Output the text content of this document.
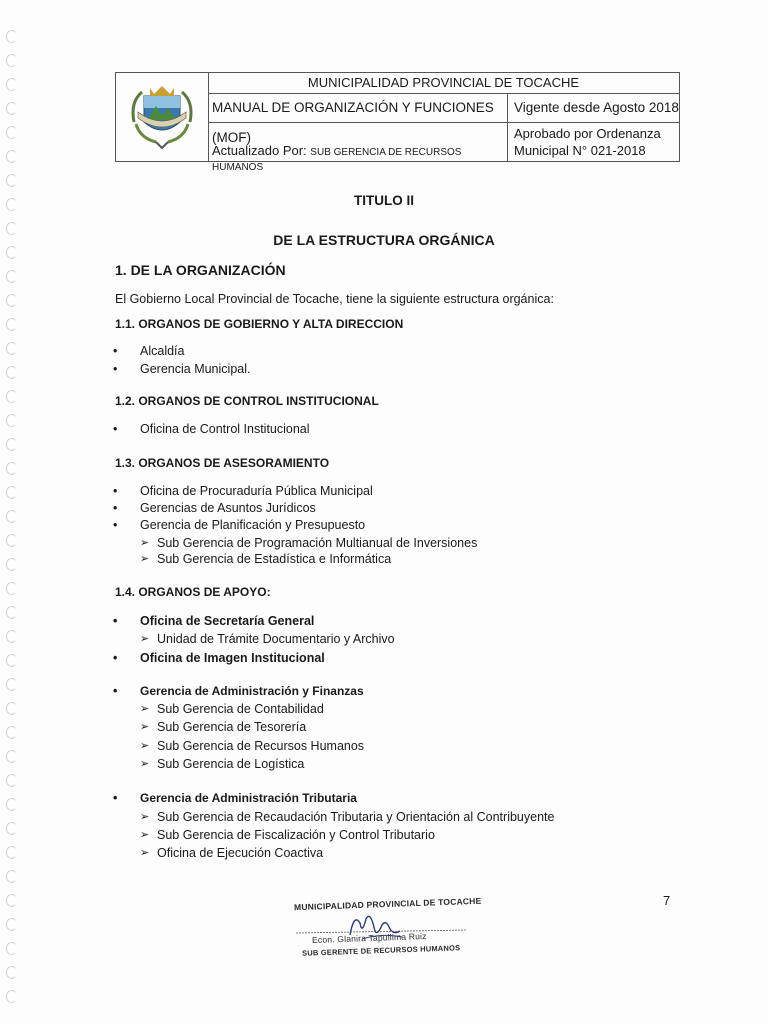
MUNICIPALIDAD PROVINCIAL DE TOCACHE
MANUAL DE ORGANIZACIÓN Y FUNCIONES (MOF)
Vigente desde Agosto 2018
Actualizado Por: SUB GERENCIA DE RECURSOS HUMANOS
Aprobado por Ordenanza
Municipal N° 021-2018
TITULO II
DE LA ESTRUCTURA ORGÁNICA
1. DE LA ORGANIZACIÓN
El Gobierno Local Provincial de Tocache, tiene la siguiente estructura orgánica:
1.1. ORGANOS DE GOBIERNO Y ALTA DIRECCION
• Alcaldía
• Gerencia Municipal.
1.2. ORGANOS DE CONTROL INSTITUCIONAL
• Oficina de Control Institucional
1.3. ORGANOS DE ASESORAMIENTO
• Oficina de Procuraduría Pública Municipal
• Gerencias de Asuntos Jurídicos
• Gerencia de Planificación y Presupuesto
➢ Sub Gerencia de Programación Multianual de Inversiones
➢ Sub Gerencia de Estadística e Informática
1.4. ORGANOS DE APOYO:
• Oficina de Secretaría General
➢ Unidad de Trámite Documentario y Archivo
• Oficina de Imagen Institucional
• Gerencia de Administración y Finanzas
➢ Sub Gerencia de Contabilidad
➢ Sub Gerencia de Tesorería
➢ Sub Gerencia de Recursos Humanos
➢ Sub Gerencia de Logística
• Gerencia de Administración Tributaria
➢ Sub Gerencia de Recaudación Tributaria y Orientación al Contribuyente
➢ Sub Gerencia de Fiscalización y Control Tributario
➢ Oficina de Ejecución Coactiva
7
MUNICIPALIDAD PROVINCIAL DE TOCACHE
Econ. Glanira Tapullima Ruiz
SUB GERENTE DE RECURSOS HUMANOS
